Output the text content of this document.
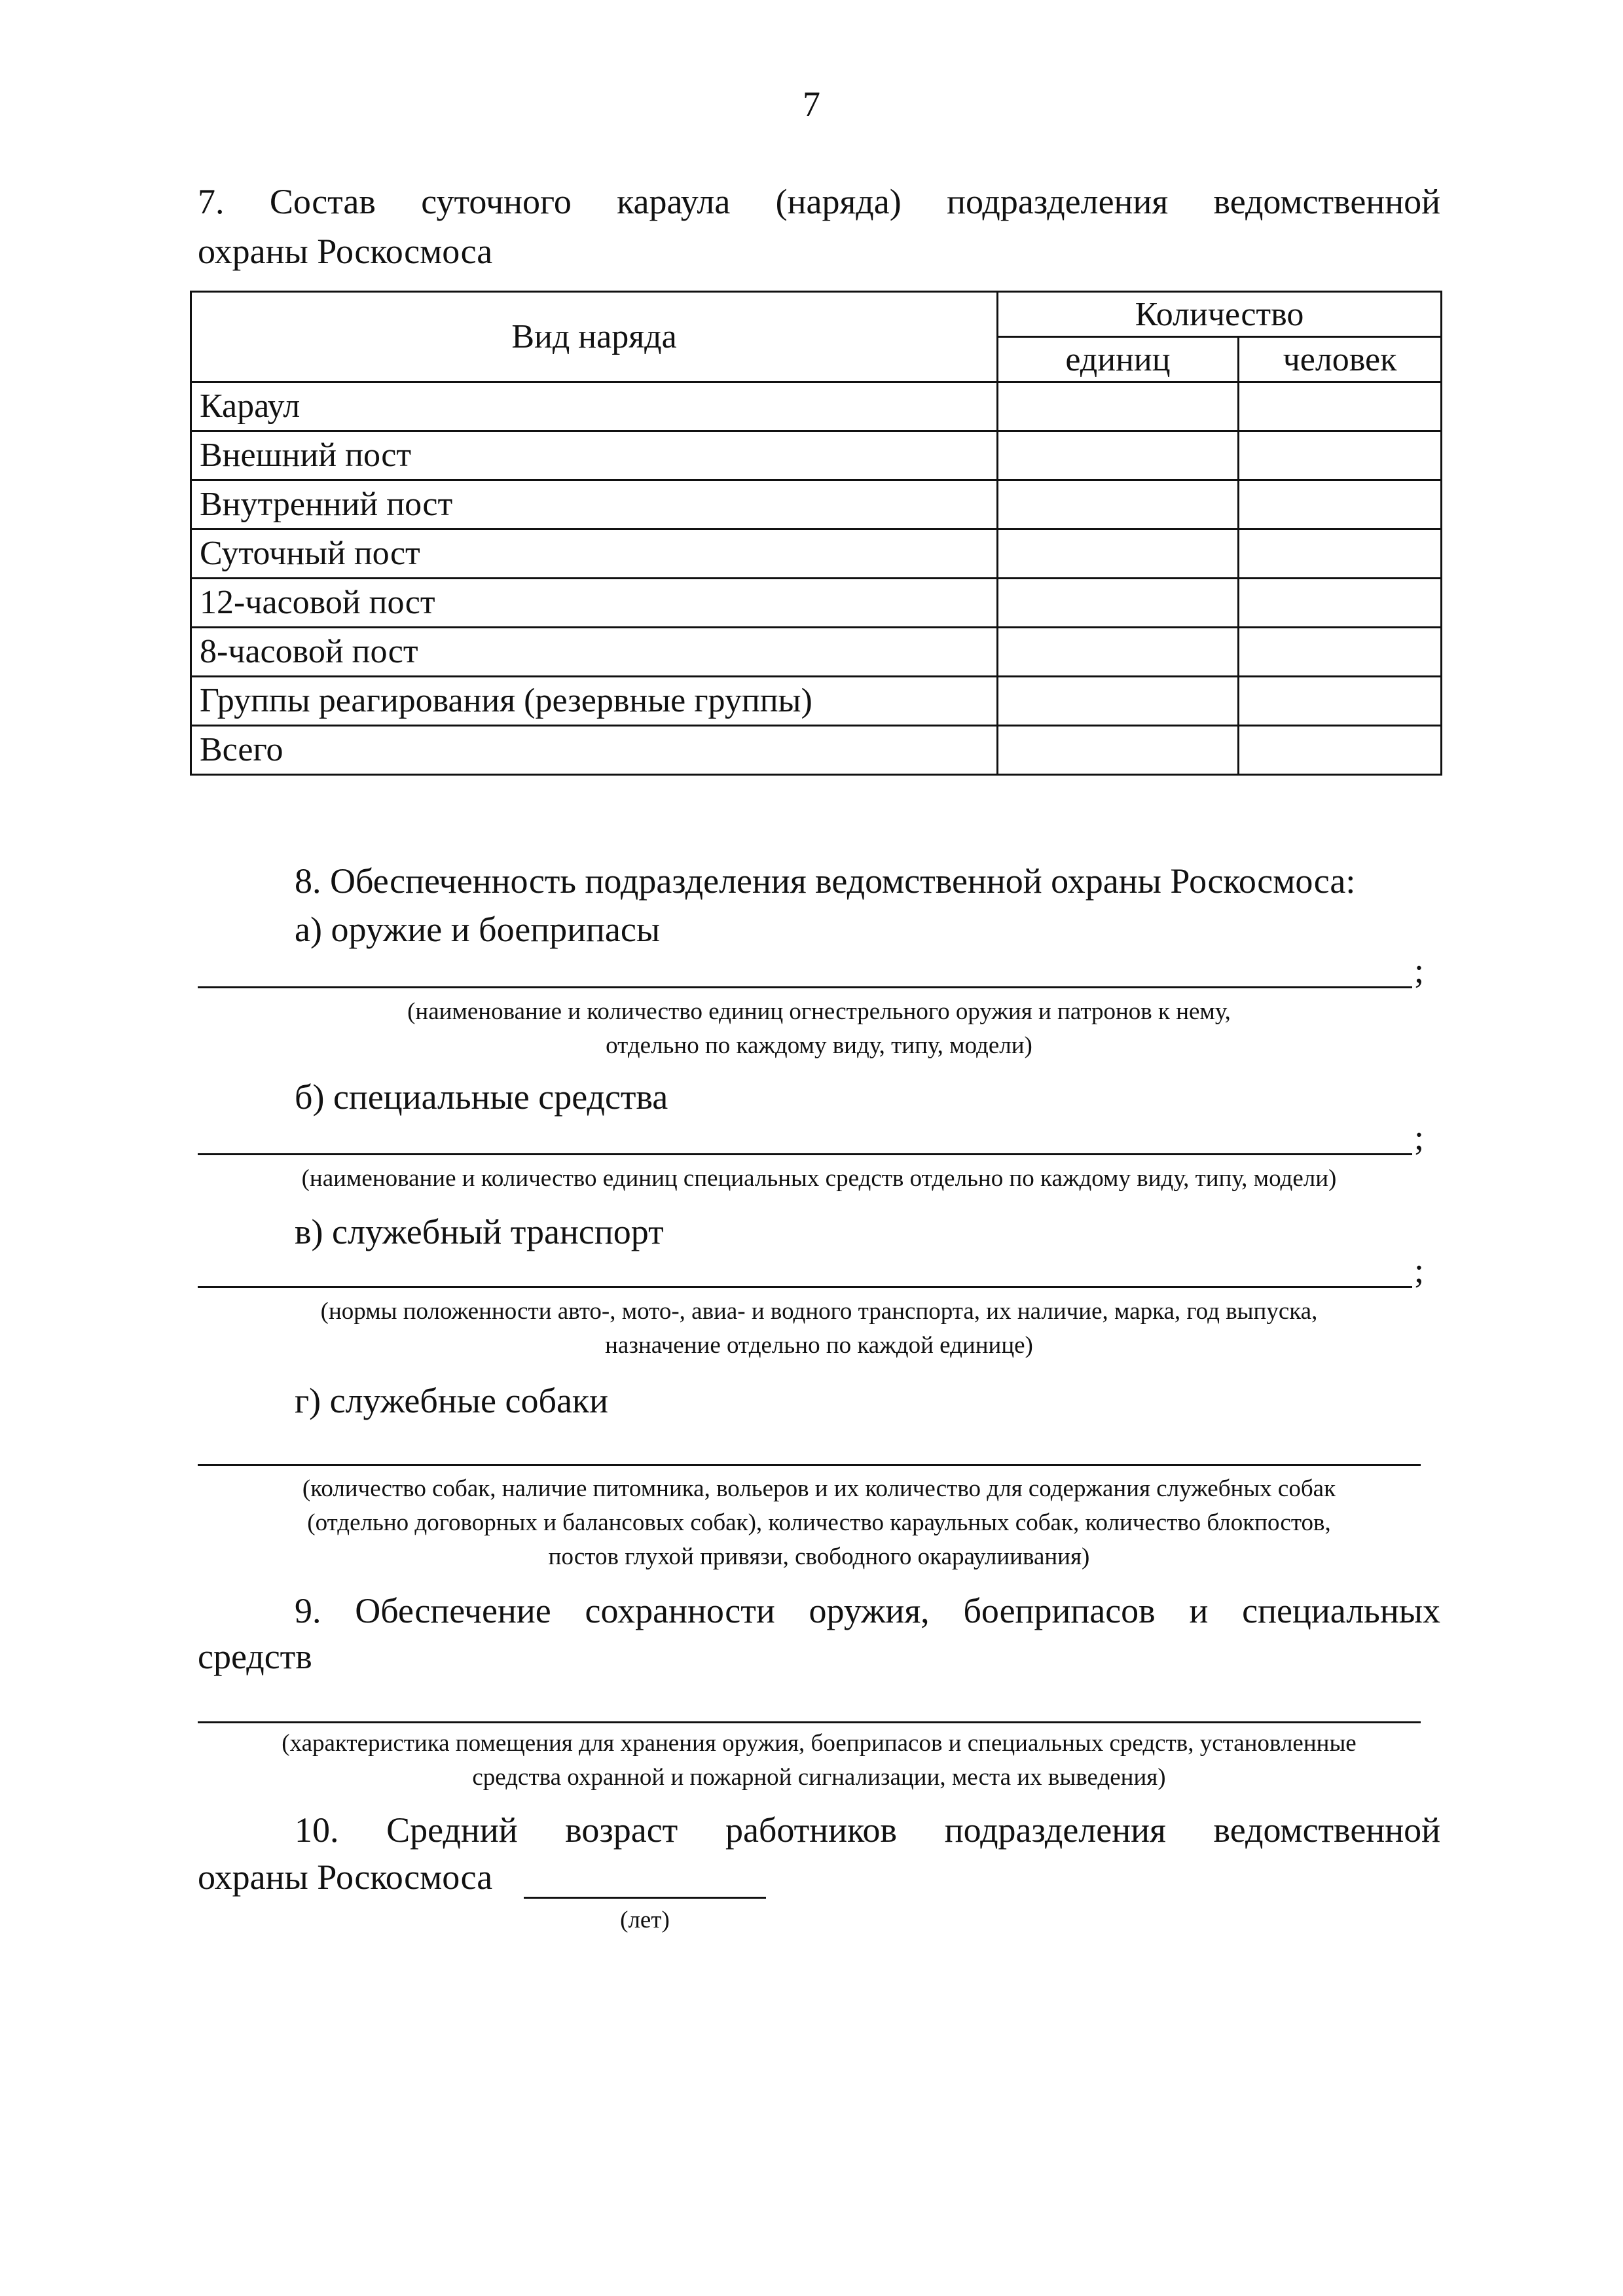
7
7. Состав суточного караула (наряда) подразделения ведомственной
охраны Роскосмоса
Вид наряда	Количество	
	единиц	человек
Караул		
Внешний пост		
Внутренний пост		
Суточный пост		
12-часовой пост		
8-часовой пост		
Группы реагирования (резервные группы)		
Всего		
8. Обеспеченность подразделения ведомственной охраны Роскосмоса:
а) оружие и боеприпасы
;
(наименование и количество единиц огнестрельного оружия и патронов к нему,
отдельно по каждому виду, типу, модели)
б) специальные средства
;
(наименование и количество единиц специальных средств отдельно по каждому виду, типу, модели)
в) служебный транспорт
;
(нормы положенности авто-, мото-, авиа- и водного транспорта, их наличие, марка, год выпуска,
назначение отдельно по каждой единице)
г) служебные собаки
(количество собак, наличие питомника, вольеров и их количество для содержания служебных собак
(отдельно договорных и балансовых собак), количество караульных собак, количество блокпостов,
постов глухой привязи, свободного окараулиивания)
9. Обеспечение сохранности оружия, боеприпасов и специальных
средств
(характеристика помещения для хранения оружия, боеприпасов и специальных средств, установленные
средства охранной и пожарной сигнализации, места их выведения)
10. Средний возраст работников подразделения ведомственной
охраны Роскосмоса
(лет)
